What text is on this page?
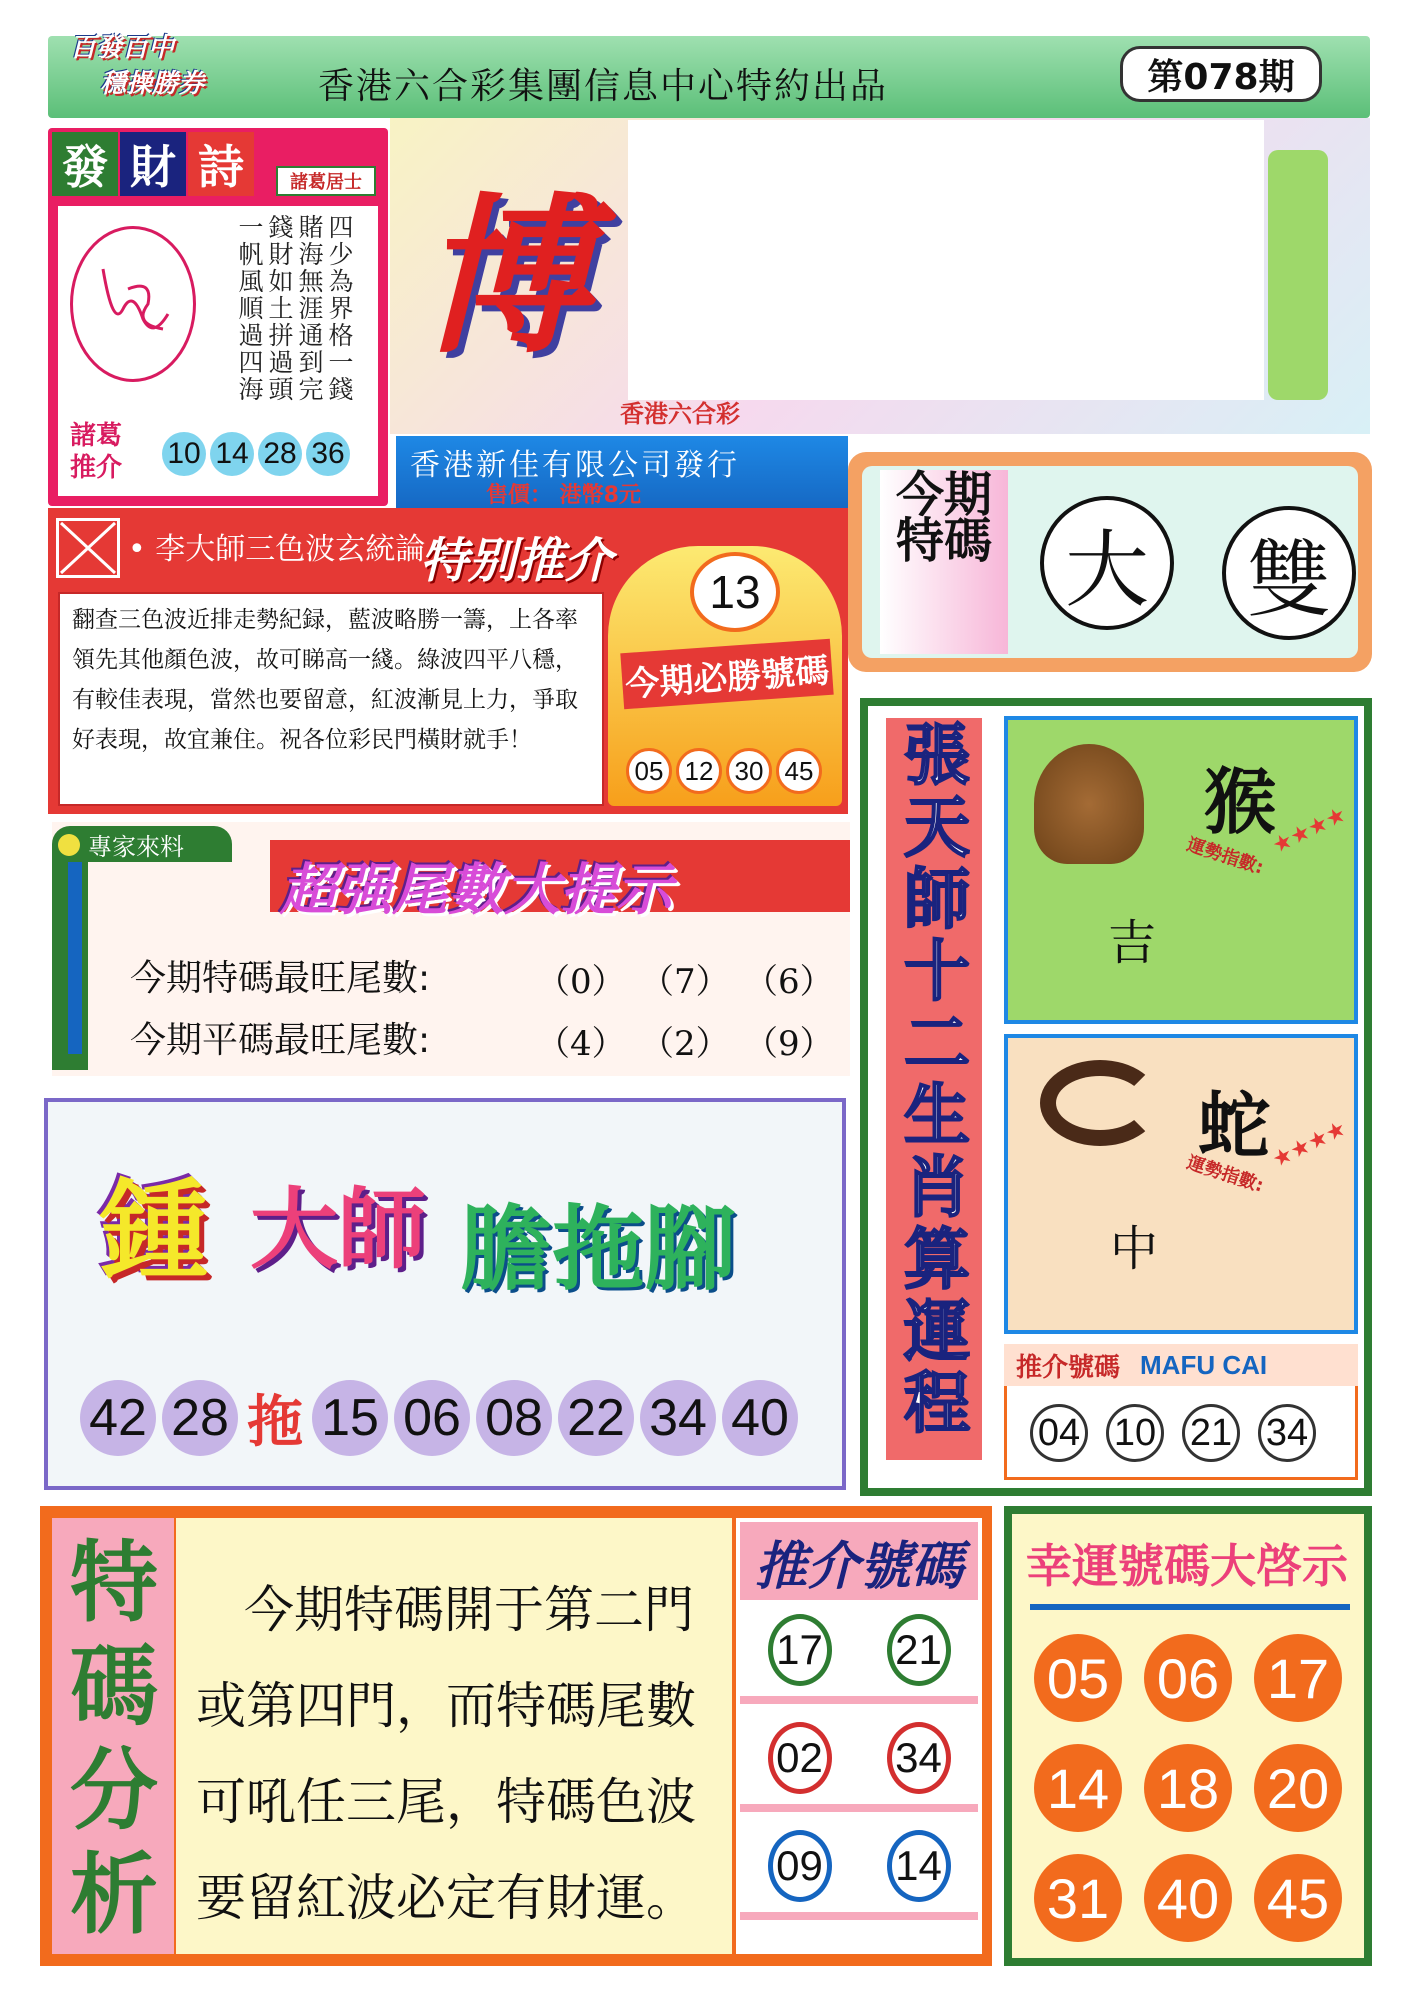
百發百中
穩操勝券	香港六合彩集團信息中心特約出品	第078期
發 財 詩	諸葛居士
四少為界格一錢
賭海無涯通到完
錢財如土拼過頭
一帆風順過四海
諸葛推介	10 14 28 36
博
香港六合彩
香港新佳有限公司發行
售價： 港幣8元	今期特碼 大 雙
• 李大師三色波玄統論
特别推介
翻查三色波近排走勢紀録，藍波略勝一籌，上各率領先其他顏色波，故可睇高一綫。綠波四平八穩，有較佳表現，當然也要留意，紅波漸見上力，爭取好表現，故宜兼住。祝各位彩民門橫財就手！
13
今期必勝號碼
05 12 30 45
專家來料
超强尾數大提示
今期特碼最旺尾數:	（0） （7） （6）
今期平碼最旺尾數:	（4） （2） （9）
鍾 大師 膽拖腳
42 28 拖 15 06 08 22 34 40
張天師十二生肖算運程
猴
運勢指數: ★★★★
吉
蛇
運勢指數:
★★★★
中
推介號碼 MAFU CAI
04 10 21 34
特碼分析
今期特碼開于第二門或第四門，而特碼尾數可吼任三尾，特碼色波要留紅波必定有財運。
推介號碼
17 21
02 34
09 14
幸運號碼大啓示
05 06 17
14 18 20
31 40 45
